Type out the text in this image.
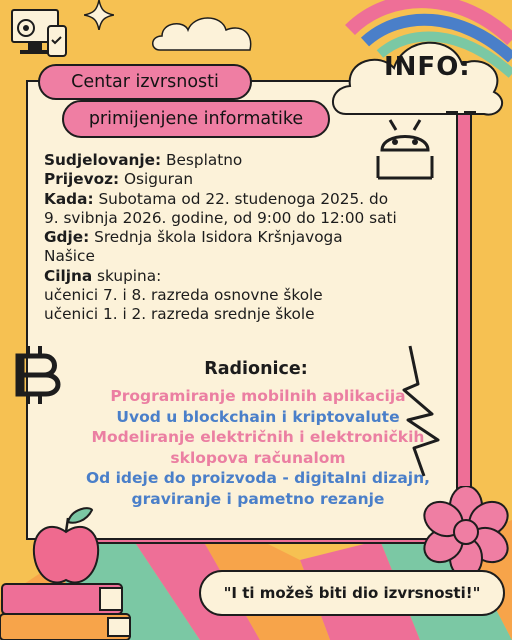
INFO:
Centar izvrsnosti
primijenjene informatike
Sudjelovanje: Besplatno
Prijevoz: Osiguran
Kada: Subotama od 22. studenoga 2025. do
9. svibnja 2026. godine, od 9:00 do 12:00 sati
Gdje: Srednja škola Isidora Kršnjavoga
Našice
Ciljna skupina:
učenici 7. i 8. razreda osnovne škole
učenici 1. i 2. razreda srednje škole
Radionice:
Programiranje mobilnih aplikacija
Uvod u blockchain i kriptovalute
Modeliranje električnih i elektroničkih
sklopova računalom
Od ideje do proizvoda - digitalni dizajn,
graviranje i pametno rezanje
"I ti možeš biti dio izvrsnosti!"
